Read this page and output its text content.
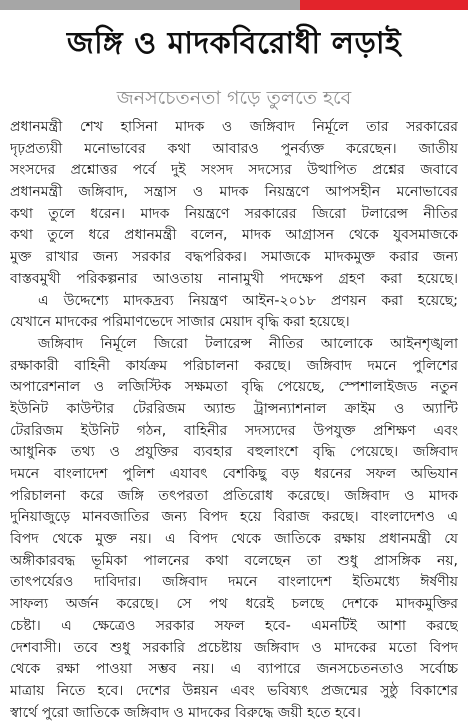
জঙ্গি ও মাদকবিরোধী লড়াই
জনসচেতনতা গড়ে তুলতে হবে
প্রধানমন্ত্রী শেখ হাসিনা মাদক ও জঙ্গিবাদ নির্মূলে তার সরকারের
দৃঢ়প্রত্যয়ী মনোভাবের কথা আবারও পুনর্ব্যক্ত করেছেন। জাতীয়
সংসদের প্রশ্নোত্তর পর্বে দুই সংসদ সদস্যের উত্থাপিত প্রশ্নের জবাবে
প্রধানমন্ত্রী জঙ্গিবাদ, সন্ত্রাস ও মাদক নিয়ন্ত্রণে আপসহীন মনোভাবের
কথা তুলে ধরেন। মাদক নিয়ন্ত্রণে সরকারের জিরো টলারেন্স নীতির
কথা তুলে ধরে প্রধানমন্ত্রী বলেন, মাদক আগ্রাসন থেকে যুবসমাজকে
মুক্ত রাখার জন্য সরকার বদ্ধপরিকর। সমাজকে মাদকমুক্ত করার জন্য
বাস্তবমুখী পরিকল্পনার আওতায় নানামুখী পদক্ষেপ গ্রহণ করা হয়েছে।
এ উদ্দেশ্যে মাদকদ্রব্য নিয়ন্ত্রণ আইন-২০১৮ প্রণয়ন করা হয়েছে;
যেখানে মাদকের পরিমাণভেদে সাজার মেয়াদ বৃদ্ধি করা হয়েছে।
জঙ্গিবাদ নির্মূলে জিরো টলারেন্স নীতির আলোকে আইনশৃঙ্খলা
রক্ষাকারী বাহিনী কার্যক্রম পরিচালনা করছে। জঙ্গিবাদ দমনে পুলিশের
অপারেশনাল ও লজিস্টিক সক্ষমতা বৃদ্ধি পেয়েছে, স্পেশালাইজড নতুন
ইউনিট কাউন্টার টেররিজম অ্যান্ড ট্রান্সন্যাশনাল ক্রাইম ও অ্যান্টি
টেররিজম ইউনিট গঠন, বাহিনীর সদস্যদের উপযুক্ত প্রশিক্ষণ এবং
আধুনিক তথ্য ও প্রযুক্তির ব্যবহার বহুলাংশে বৃদ্ধি পেয়েছে। জঙ্গিবাদ
দমনে বাংলাদেশ পুলিশ এযাবৎ বেশকিছু বড় ধরনের সফল অভিযান
পরিচালনা করে জঙ্গি তৎপরতা প্রতিরোধ করেছে। জঙ্গিবাদ ও মাদক
দুনিয়াজুড়ে মানবজাতির জন্য বিপদ হয়ে বিরাজ করছে। বাংলাদেশও এ
বিপদ থেকে মুক্ত নয়। এ বিপদ থেকে জাতিকে রক্ষায় প্রধানমন্ত্রী যে
অঙ্গীকারবদ্ধ ভূমিকা পালনের কথা বলেছেন তা শুধু প্রাসঙ্গিক নয়,
তাৎপর্যেরও দাবিদার। জঙ্গিবাদ দমনে বাংলাদেশ ইতিমধ্যে ঈর্ষণীয়
সাফল্য অর্জন করেছে। সে পথ ধরেই চলছে দেশকে মাদকমুক্তির
চেষ্টা। এ ক্ষেত্রেও সরকার সফল হবে- এমনটিই আশা করছে
দেশবাসী। তবে শুধু সরকারি প্রচেষ্টায় জঙ্গিবাদ ও মাদকের মতো বিপদ
থেকে রক্ষা পাওয়া সম্ভব নয়। এ ব্যাপারে জনসচেতনতাও সর্বোচ্চ
মাত্রায় নিতে হবে। দেশের উন্নয়ন এবং ভবিষ্যৎ প্রজন্মের সুষ্ঠু বিকাশের
স্বার্থে পুরো জাতিকে জঙ্গিবাদ ও মাদকের বিরুদ্ধে জয়ী হতে হবে।
